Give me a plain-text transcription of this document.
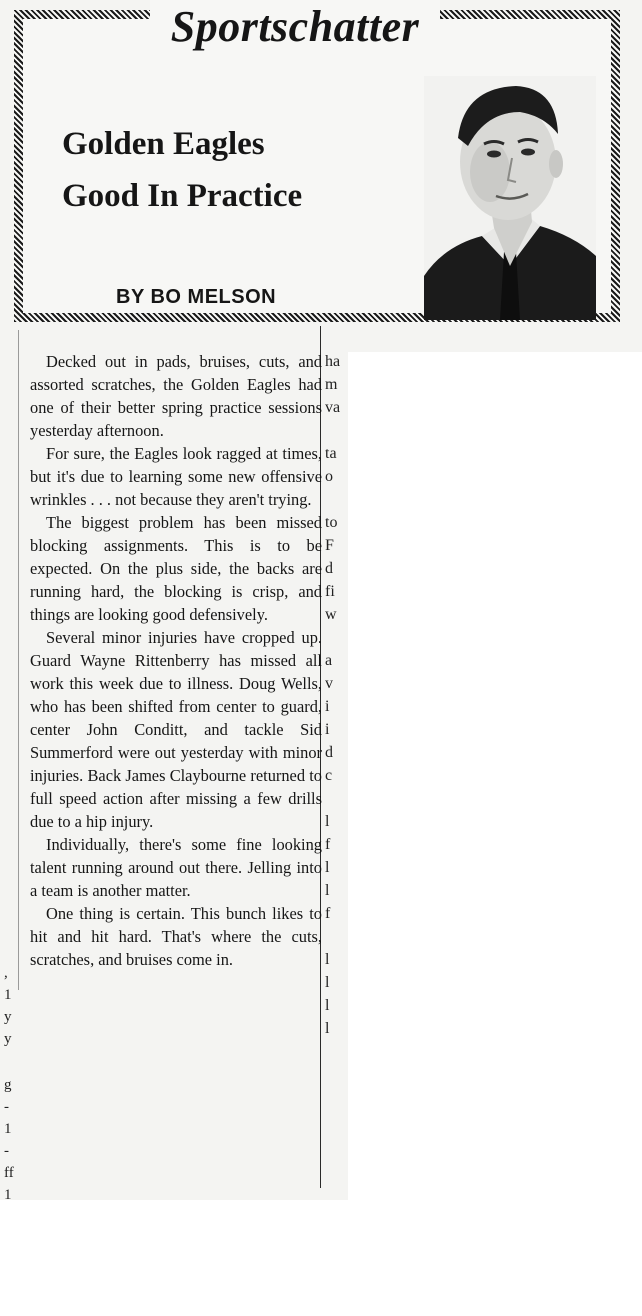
Sportschatter
Golden Eagles
Good In Practice
BY BO MELSON

Decked out in pads, bruises, cuts, and assorted scratches, the Golden Eagles had one of their better spring practice sessions yesterday afternoon.

For sure, the Eagles look ragged at times, but it's due to learning some new offensive wrinkles . . . not because they aren't trying.

The biggest problem has been missed blocking assignments. This is to be expected. On the plus side, the backs are running hard, the blocking is crisp, and things are looking good defensively.

Several minor injuries have cropped up. Guard Wayne Rittenberry has missed all work this week due to illness. Doug Wells, who has been shifted from center to guard, center John Conditt, and tackle Sid Summerford were out yesterday with minor injuries. Back James Claybourne returned to full speed action after missing a few drills due to a hip injury.

Individually, there's some fine looking talent running around out there. Jelling into a team is another matter.

One thing is certain. This bunch likes to hit and hit hard. That's where the cuts, scratches, and bruises come in.

ha
m
va
ta
o
to
F
d
fi
w
a
v
i
i
d
c
l
f
l
l
f
l
l
l
l
,
1
y
y
g
-
1
-
ff
1
